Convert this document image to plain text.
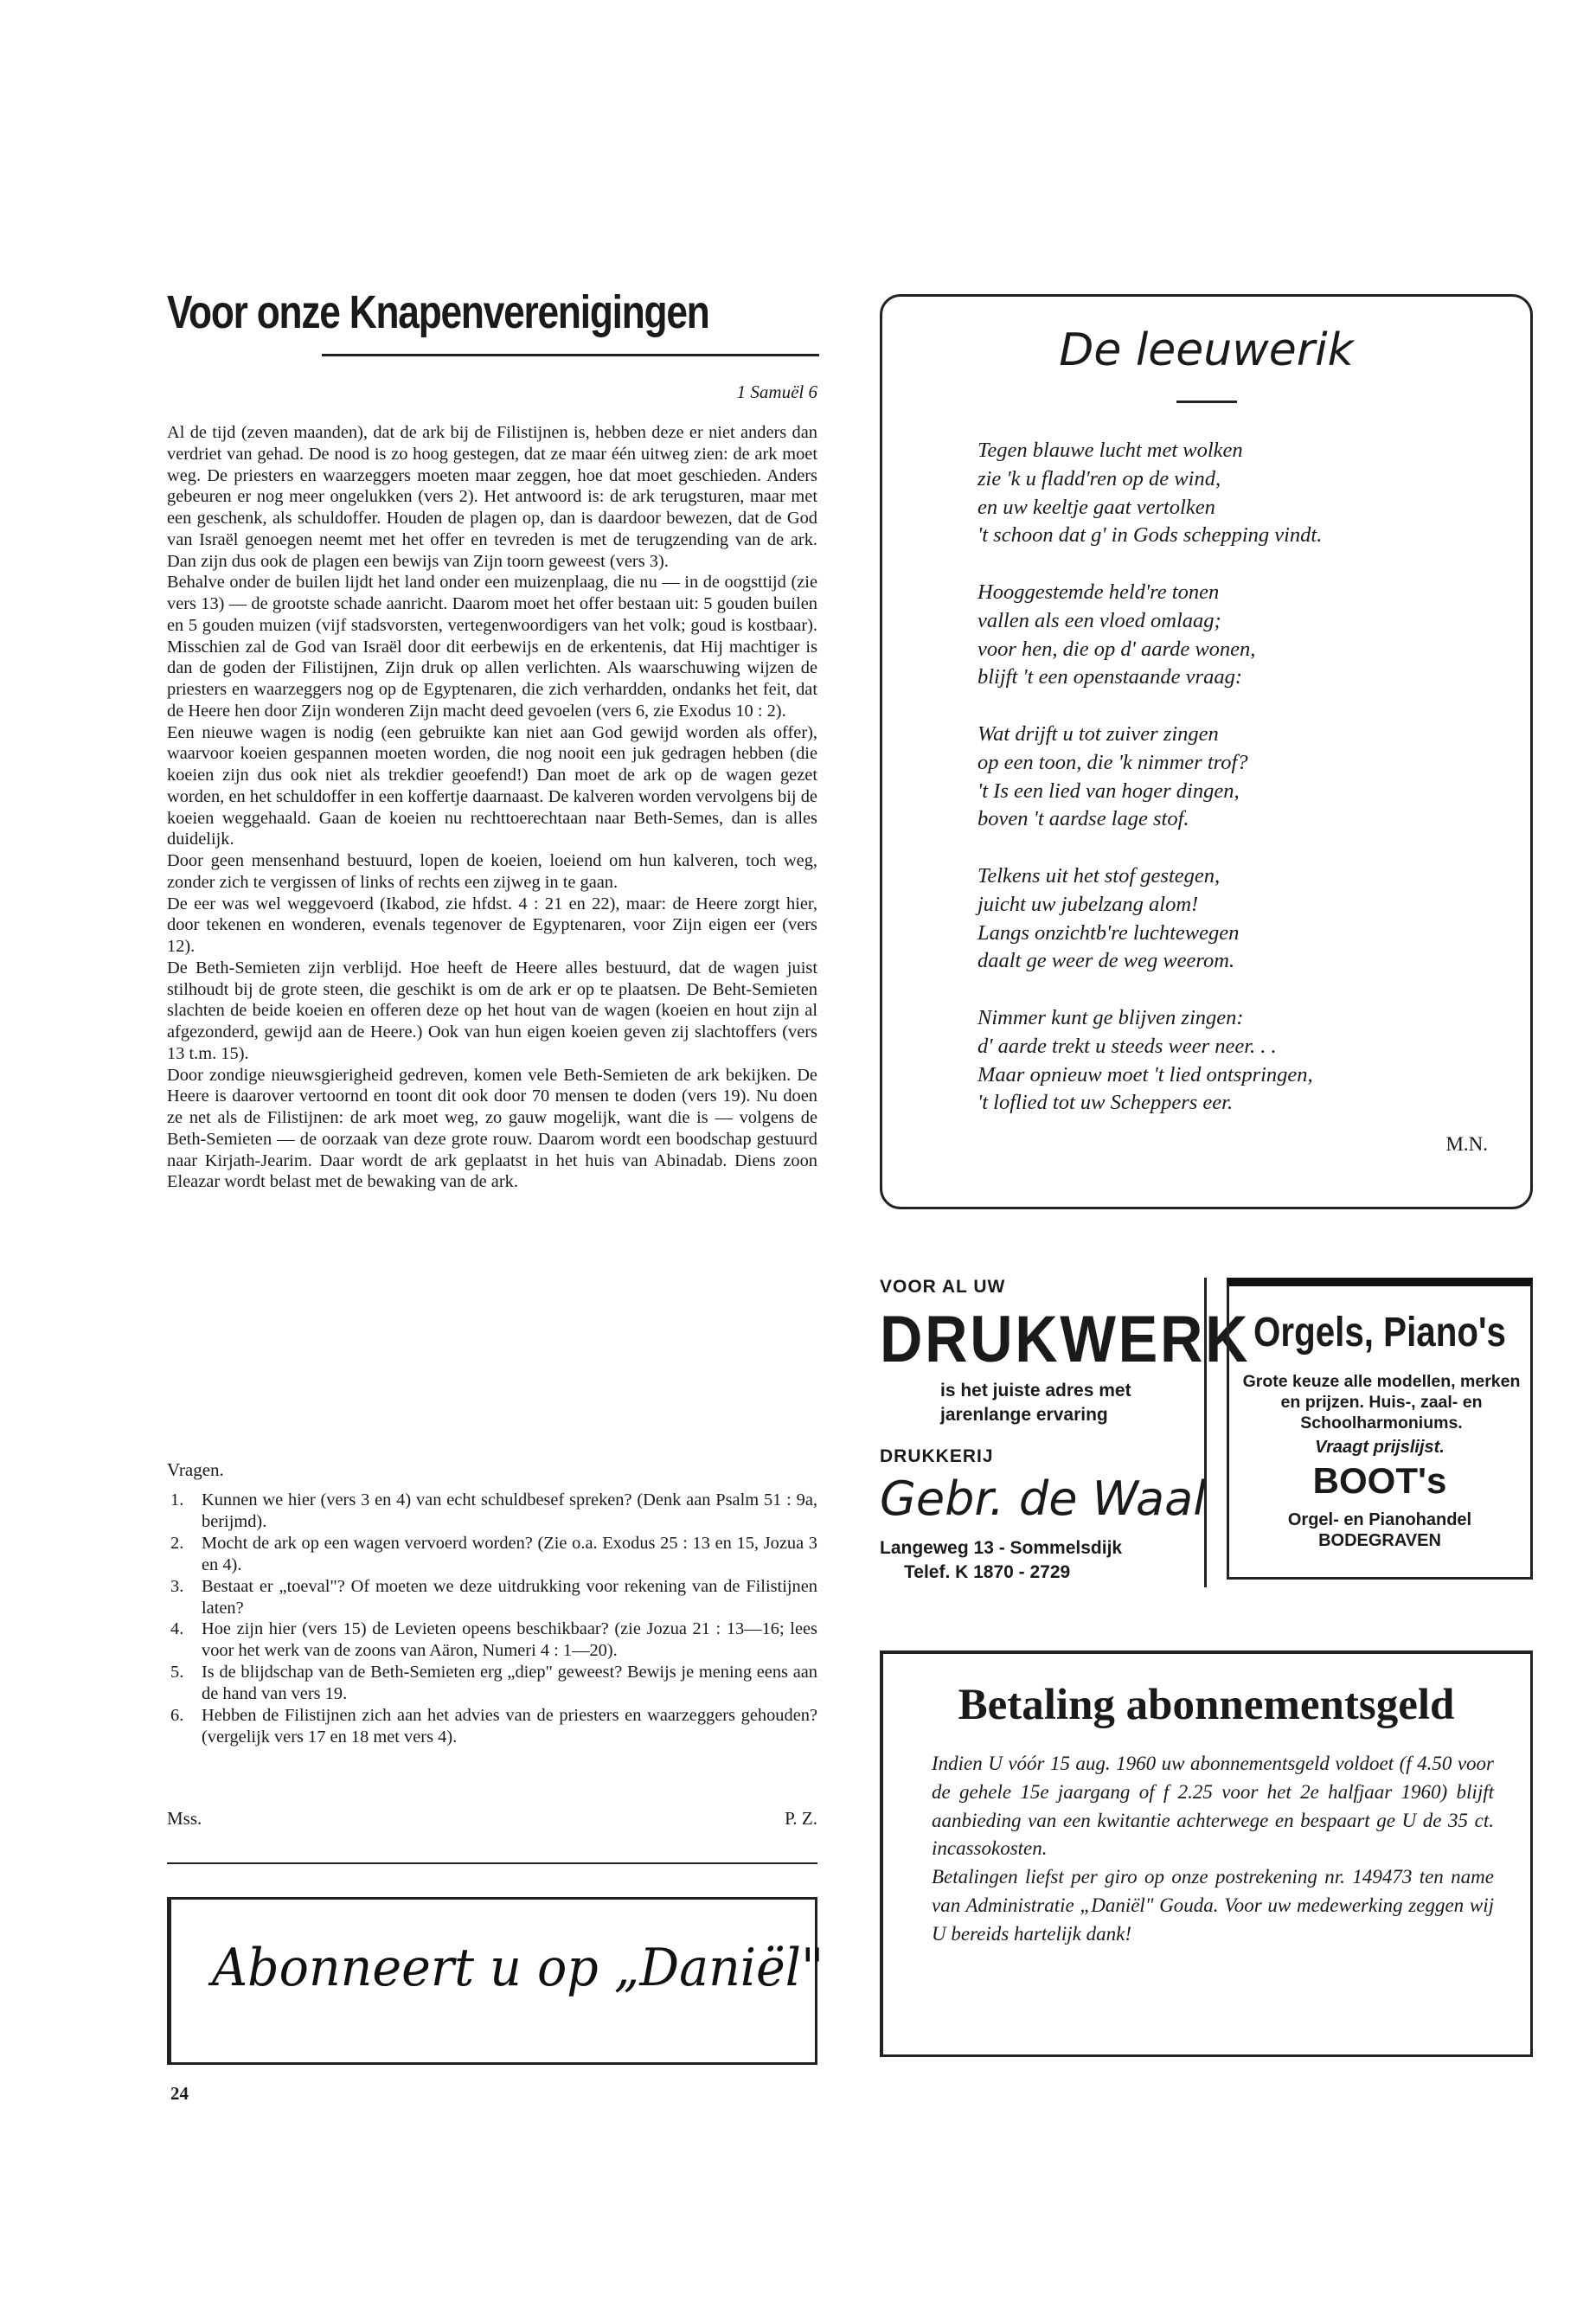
Voor onze Knapenverenigingen
1 Samuël 6

Al de tijd (zeven maanden), dat de ark bij de Filistijnen is, hebben deze er niet anders dan verdriet van gehad. De nood is zo hoog gestegen, dat ze maar één uitweg zien: de ark moet weg. De priesters en waarzeggers moeten maar zeggen, hoe dat moet geschieden. Anders gebeuren er nog meer ongelukken (vers 2). Het antwoord is: de ark terugsturen, maar met een geschenk, als schuldoffer. Houden de plagen op, dan is daardoor bewezen, dat de God van Israël genoegen neemt met het offer en tevreden is met de terugzending van de ark. Dan zijn dus ook de plagen een bewijs van Zijn toorn geweest (vers 3).

Behalve onder de builen lijdt het land onder een muizenplaag, die nu — in de oogsttijd (zie vers 13) — de grootste schade aanricht. Daarom moet het offer bestaan uit: 5 gouden builen en 5 gouden muizen (vijf stadsvorsten, vertegenwoordigers van het volk; goud is kostbaar). Misschien zal de God van Israël door dit eerbewijs en de erkentenis, dat Hij machtiger is dan de goden der Filistijnen, Zijn druk op allen verlichten. Als waarschuwing wijzen de priesters en waarzeggers nog op de Egyptenaren, die zich verhardden, ondanks het feit, dat de Heere hen door Zijn wonderen Zijn macht deed gevoelen (vers 6, zie Exodus 10 : 2).

Een nieuwe wagen is nodig (een gebruikte kan niet aan God gewijd worden als offer), waarvoor koeien gespannen moeten worden, die nog nooit een juk gedragen hebben (die koeien zijn dus ook niet als trekdier geoefend!) Dan moet de ark op de wagen gezet worden, en het schuldoffer in een koffertje daarnaast. De kalveren worden vervolgens bij de koeien weggehaald. Gaan de koeien nu rechttoerechtaan naar Beth-Semes, dan is alles duidelijk.

Door geen mensenhand bestuurd, lopen de koeien, loeiend om hun kalveren, toch weg, zonder zich te vergissen of links of rechts een zijweg in te gaan.

De eer was wel weggevoerd (Ikabod, zie hfdst. 4 : 21 en 22), maar: de Heere zorgt hier, door tekenen en wonderen, evenals tegenover de Egyptenaren, voor Zijn eigen eer (vers 12).

De Beth-Semieten zijn verblijd. Hoe heeft de Heere alles bestuurd, dat de wagen juist stilhoudt bij de grote steen, die geschikt is om de ark er op te plaatsen. De Beht-Semieten slachten de beide koeien en offeren deze op het hout van de wagen (koeien en hout zijn al afgezonderd, gewijd aan de Heere.) Ook van hun eigen koeien geven zij slachtoffers (vers 13 t.m. 15).

Door zondige nieuwsgierigheid gedreven, komen vele Beth-Semieten de ark bekijken. De Heere is daarover vertoornd en toont dit ook door 70 mensen te doden (vers 19). Nu doen ze net als de Filistijnen: de ark moet weg, zo gauw mogelijk, want die is — volgens de Beth-Semieten — de oorzaak van deze grote rouw. Daarom wordt een boodschap gestuurd naar Kirjath-Jearim. Daar wordt de ark geplaatst in het huis van Abinadab. Diens zoon Eleazar wordt belast met de bewaking van de ark.

Vragen.
1. Kunnen we hier (vers 3 en 4) van echt schuldbesef spreken? (Denk aan Psalm 51 : 9a, berijmd).
2. Mocht de ark op een wagen vervoerd worden? (Zie o.a. Exodus 25 : 13 en 15, Jozua 3 en 4).
3. Bestaat er „toeval"? Of moeten we deze uitdrukking voor rekening van de Filistijnen laten?
4. Hoe zijn hier (vers 15) de Levieten opeens beschikbaar? (zie Jozua 21 : 13—16; lees voor het werk van de zoons van Aäron, Numeri 4 : 1—20).
5. Is de blijdschap van de Beth-Semieten erg „diep" geweest? Bewijs je mening eens aan de hand van vers 19.
6. Hebben de Filistijnen zich aan het advies van de priesters en waarzeggers gehouden? (vergelijk vers 17 en 18 met vers 4).
Mss.	P. Z.
Abonneert u op „Daniël"
24
De leeuwerik
Tegen blauwe lucht met wolken
zie 'k u fladd'ren op de wind,
en uw keeltje gaat vertolken
't schoon dat g' in Gods schepping vindt.
Hooggestemde held're tonen
vallen als een vloed omlaag;
voor hen, die op d' aarde wonen,
blijft 't een openstaande vraag:
Wat drijft u tot zuiver zingen
op een toon, die 'k nimmer trof?
't Is een lied van hoger dingen,
boven 't aardse lage stof.
Telkens uit het stof gestegen,
juicht uw jubelzang alom!
Langs onzichtb're luchtewegen
daalt ge weer de weg weerom.
Nimmer kunt ge blijven zingen:
d' aarde trekt u steeds weer neer. . .
Maar opnieuw moet 't lied ontspringen,
't loflied tot uw Scheppers eer.
M.N.
VOOR AL UW
DRUKWERK
is het juiste adres met jarenlange ervaring
DRUKKERIJ
Gebr. de Waal
Langeweg 13 - Sommelsdijk
Telef. K 1870 - 2729
Orgels, Piano's
Grote keuze alle modellen, merken en prijzen. Huis-, zaal- en Schoolharmoniums.
Vraagt prijslijst.
BOOT's
Orgel- en Pianohandel
BODEGRAVEN
Betaling abonnementsgeld

Indien U vóór 15 aug. 1960 uw abonnementsgeld voldoet (f 4.50 voor de gehele 15e jaargang of f 2.25 voor het 2e halfjaar 1960) blijft aanbieding van een kwitantie achterwege en bespaart ge U de 35 ct. incassokosten.

Betalingen liefst per giro op onze postrekening nr. 149473 ten name van Administratie „Daniël" Gouda. Voor uw medewerking zeggen wij U bereids hartelijk dank!
